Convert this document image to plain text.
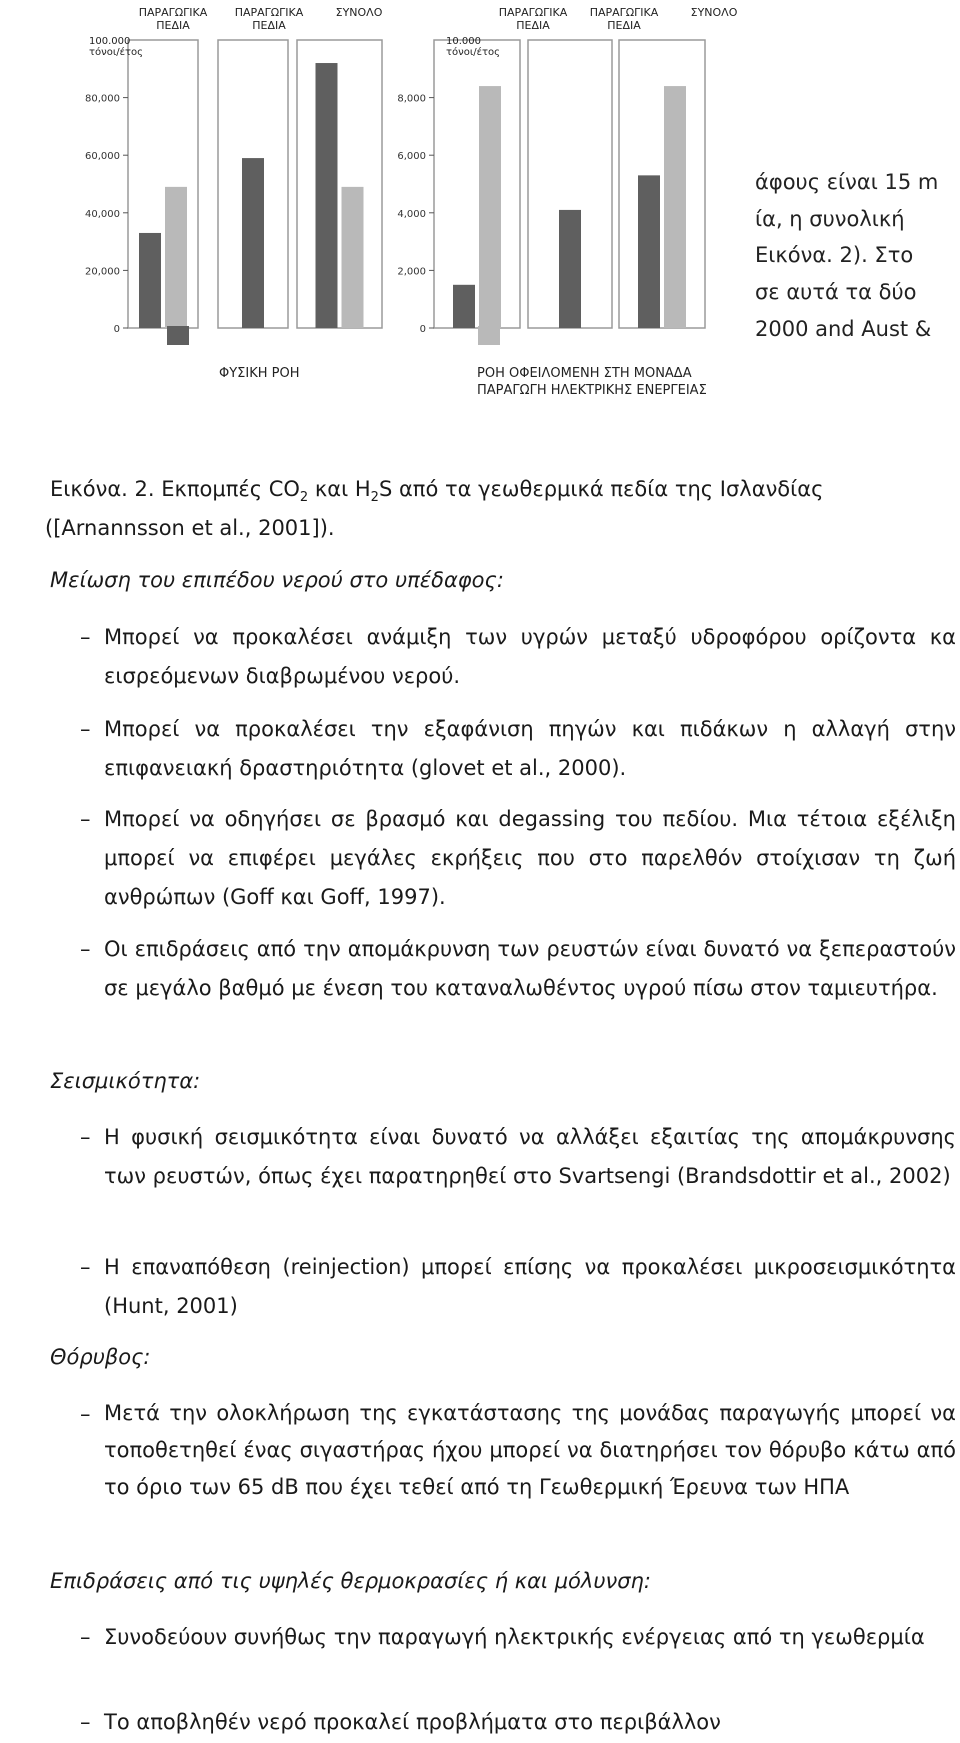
0
20,000
40,000
60,000
80,000
0
2,000
4,000
6,000
8,000
ΠΑΡΑΓΩΓΙΚΑ
ΠΕΔΙΑ
ΠΑΡΑΓΩΓΙΚΑ
ΠΕΔΙΑ
ΣΥΝΟΛΟ
100.000
τόνοι/έτος
ΠΑΡΑΓΩΓΙΚΑ
ΠΕΔΙΑ
ΠΑΡΑΓΩΓΙΚΑ
ΠΕΔΙΑ
ΣΥΝΟΛΟ
10.000
τόνοι/έτος
ΦΥΣΙΚΗ ΡΟΗ	ΡΟΗ ΟΦΕΙΛΟΜΕΝΗ ΣΤΗ ΜΟΝΑΔΑ
ΠΑΡΑΓΩΓΗ ΗΛΕΚΤΡΙΚΗΣ ΕΝΕΡΓΕΙΑΣ
άφους είναι 15 m
ία, η συνολική
Εικόνα. 2). Στο
σε αυτά τα δύο
2000 and Aust &
Εικόνα. 2. Εκπομπές $CO_2$ και $H_2S$ από τα γεωθερμικά πεδία της Ισλανδίας
([Arnannsson et al., 2001]).
Μείωση του επιπέδου νερού στο υπέδαφος:
– Μπορεί να προκαλέσει ανάμιξη των υγρών μεταξύ υδροφόρου ορίζοντα κα εισρεόμενων διαβρωμένου νερού.
– Μπορεί να προκαλέσει την εξαφάνιση πηγών και πιδάκων η αλλαγή στην επιφανειακή δραστηριότητα (glovet et al., 2000).
– Μπορεί να οδηγήσει σε βρασμό και degassing του πεδίου. Μια τέτοια εξέλιξη μπορεί να επιφέρει μεγάλες εκρήξεις που στο παρελθόν στοίχισαν τη ζωή ανθρώπων (Goff και Goff, 1997).
– Οι επιδράσεις από την απομάκρυνση των ρευστών είναι δυνατό να ξεπεραστούν σε μεγάλο βαθμό με ένεση του καταναλωθέντος υγρού πίσω στον ταμιευτήρα.
Σεισμικότητα:
– Η φυσική σεισμικότητα είναι δυνατό να αλλάξει εξαιτίας της απομάκρυνσης των ρευστών, όπως έχει παρατηρηθεί στο Svartsengi (Brandsdottir et al., 2002)
– Η επαναπόθεση (reinjection) μπορεί επίσης να προκαλέσει μικροσεισμικότητα (Hunt, 2001)
Θόρυβος:
– Μετά την ολοκλήρωση της εγκατάστασης της μονάδας παραγωγής μπορεί να τοποθετηθεί ένας σιγαστήρας ήχου μπορεί να διατηρήσει τον θόρυβο κάτω από το όριο των 65 dB που έχει τεθεί από τη Γεωθερμική Έρευνα των ΗΠΑ
Επιδράσεις από τις υψηλές θερμοκρασίες ή και μόλυνση:
– Συνοδεύουν συνήθως την παραγωγή ηλεκτρικής ενέργειας από τη γεωθερμία
– Το αποβληθέν νερό προκαλεί προβλήματα στο περιβάλλον
